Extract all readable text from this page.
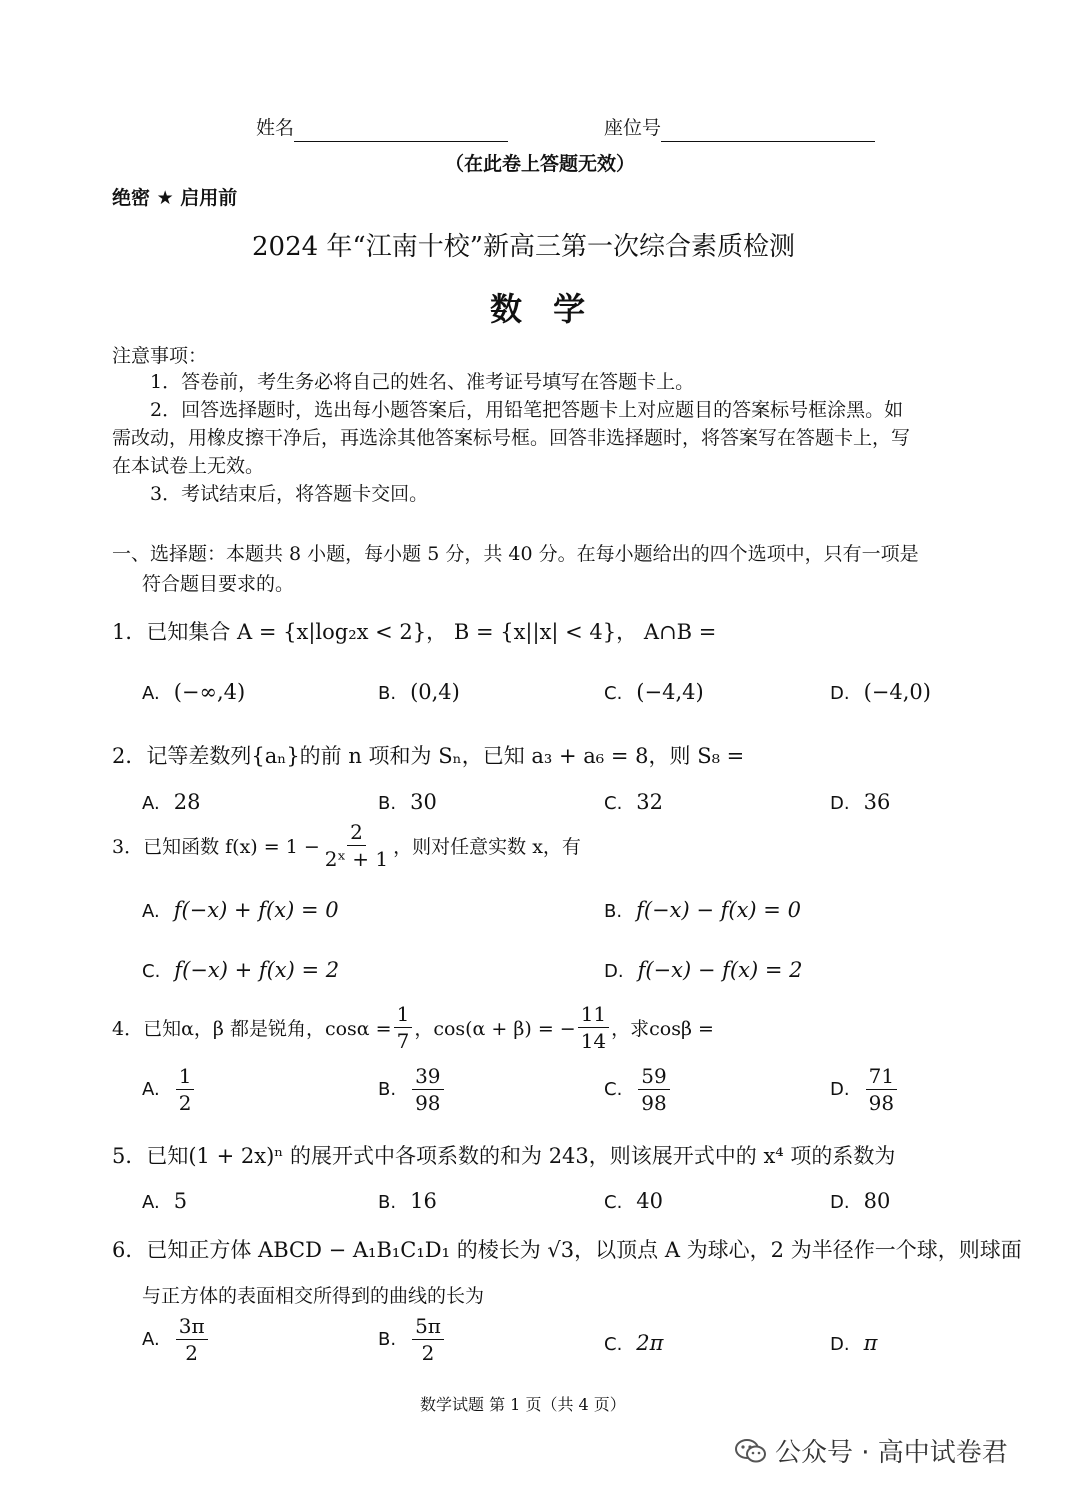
姓名	座位号
（在此卷上答题无效）
绝密 ★ 启用前
2024 年“江南十校”新高三第一次综合素质检测
数 学
注意事项：
1．答卷前，考生务必将自己的姓名、准考证号填写在答题卡上。
2．回答选择题时，选出每小题答案后，用铅笔把答题卡上对应题目的答案标号框涂黑。如
需改动，用橡皮擦干净后，再选涂其他答案标号框。回答非选择题时，将答案写在答题卡上，写
在本试卷上无效。
3．考试结束后，将答题卡交回。
一、选择题：本题共 8 小题，每小题 5 分，共 40 分。在每小题给出的四个选项中，只有一项是
符合题目要求的。
1．已知集合 A = {x|log₂x < 2}， B = {x||x| < 4}， A∩B =
A. (−∞,4)	B. (0,4)	C. (−4,4)	D. (−4,0)
2．记等差数列{aₙ}的前 n 项和为 Sₙ，已知 a₃ + a₆ = 8，则 S₈ =
A. 28	B. 30	C. 32	D. 36
3．已知函数 $f(x) = 1 - \frac{2}{\text{2ˣ + 1}}$ ，则对任意实数 x，有
A. f(−x) + f(x) = 0	B. f(−x) − f(x) = 0
C. f(−x) + f(x) = 2	D. f(−x) − f(x) = 2
4．已知α，β 都是锐角，$\cos\alpha = \frac{1}{7}$ ，cos(α + β) = − $\frac{11}{14}$ ，求cosβ =
A. $\frac{1}{2}$	B. $\frac{39}{98}$	C. $\frac{59}{98}$	D. $\frac{71}{98}$
5．已知(1 + 2x)ⁿ 的展开式中各项系数的和为 243，则该展开式中的 x⁴ 项的系数为
A. 5	B. 16	C. 40	D. 80
6．已知正方体 ABCD − A₁B₁C₁D₁ 的棱长为 √3，以顶点 A 为球心，2 为半径作一个球，则球面
与正方体的表面相交所得到的曲线的长为
A. $\frac{3\pi}{2}$	B. $\frac{5\pi}{2}$	C. 2π	D. π
数学试题 第 1 页（共 4 页）
公众号 · 高中试卷君
